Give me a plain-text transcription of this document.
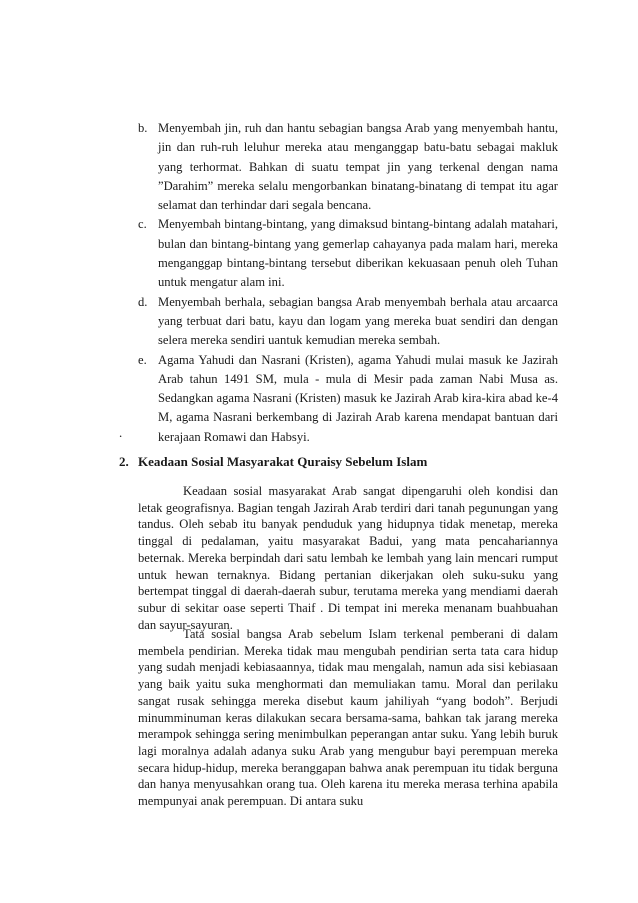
b. Menyembah jin, ruh dan hantu sebagian bangsa Arab yang menyembah hantu, jin dan ruh-ruh leluhur mereka atau menganggap batu-batu sebagai makluk yang terhormat. Bahkan di suatu tempat jin yang terkenal dengan nama ”Darahim” mereka selalu mengorbankan binatang-binatang di tempat itu agar selamat dan terhindar dari segala bencana.
c. Menyembah bintang-bintang, yang dimaksud bintang-bintang adalah matahari, bulan dan bintang-bintang yang gemerlap cahayanya pada malam hari, mereka menganggap bintang-bintang tersebut diberikan kekuasaan penuh oleh Tuhan untuk mengatur alam ini.
d. Menyembah berhala, sebagian bangsa Arab menyembah berhala atau arcaarca yang terbuat dari batu, kayu dan logam yang mereka buat sendiri dan dengan selera mereka sendiri uantuk kemudian mereka sembah.
e. Agama Yahudi dan Nasrani (Kristen), agama Yahudi mulai masuk ke Jazirah Arab tahun 1491 SM, mula - mula di Mesir pada zaman Nabi Musa as. Sedangkan agama Nasrani (Kristen) masuk ke Jazirah Arab kira-kira abad ke-4 M, agama Nasrani berkembang di Jazirah Arab karena mendapat bantuan dari kerajaan Romawi dan Habsyi.
.
2. Keadaan Sosial Masyarakat Quraisy Sebelum Islam

Keadaan sosial masyarakat Arab sangat dipengaruhi oleh kondisi dan letak geografisnya. Bagian tengah Jazirah Arab terdiri dari tanah pegunungan yang tandus. Oleh sebab itu banyak penduduk yang hidupnya tidak menetap, mereka tinggal di pedalaman, yaitu masyarakat Badui, yang mata pencahariannya beternak. Mereka berpindah dari satu lembah ke lembah yang lain mencari rumput untuk hewan ternaknya. Bidang pertanian dikerjakan oleh suku-suku yang bertempat tinggal di daerah-daerah subur, terutama mereka yang mendiami daerah subur di sekitar oase seperti Thaif . Di tempat ini mereka menanam buahbuahan dan sayur-sayuran.

Tata sosial bangsa Arab sebelum Islam terkenal pemberani di dalam membela pendirian. Mereka tidak mau mengubah pendirian serta tata cara hidup yang sudah menjadi kebiasaannya, tidak mau mengalah, namun ada sisi kebiasaan yang baik yaitu suka menghormati dan memuliakan tamu. Moral dan perilaku sangat rusak sehingga mereka disebut kaum jahiliyah “yang bodoh”. Berjudi minumminuman keras dilakukan secara bersama-sama, bahkan tak jarang mereka merampok sehingga sering menimbulkan peperangan antar suku. Yang lebih buruk lagi moralnya adalah adanya suku Arab yang mengubur bayi perempuan mereka secara hidup-hidup, mereka beranggapan bahwa anak perempuan itu tidak berguna dan hanya menyusahkan orang tua. Oleh karena itu mereka merasa terhina apabila mempunyai anak perempuan. Di antara suku
